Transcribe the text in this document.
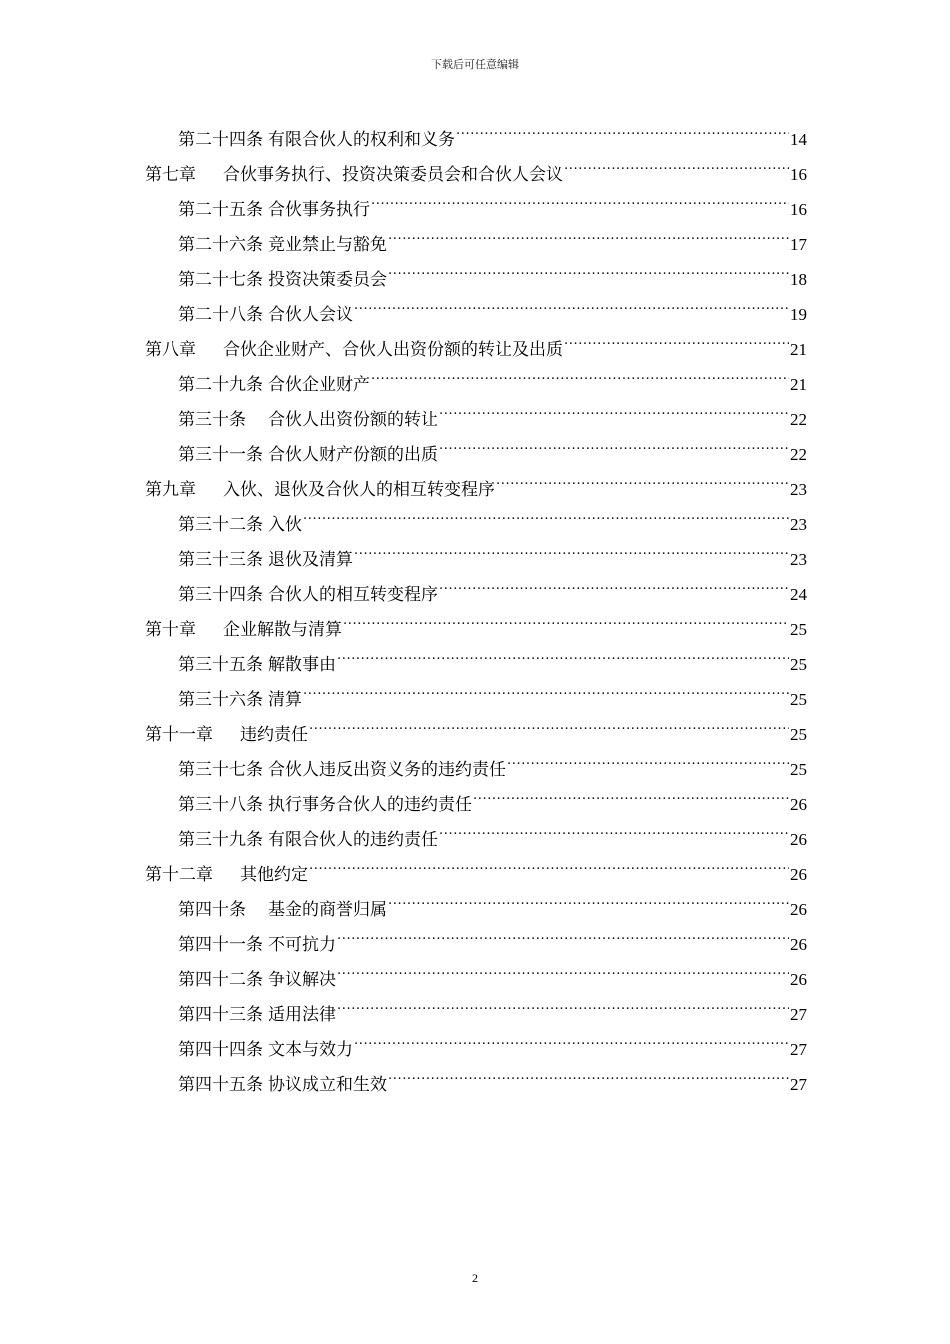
下载后可任意编辑
第二十四条 有限合伙人的权利和义务 .....	14
第七章 合伙事务执行、投资决策委员会和合伙人会议 .....	16
第二十五条 合伙事务执行 .....	16
第二十六条 竞业禁止与豁免 .....	17
第二十七条 投资决策委员会 .....	18
第二十八条 合伙人会议 .....	19
第八章 合伙企业财产、合伙人出资份额的转让及出质 .....	21
第二十九条 合伙企业财产 .....	21
第三十条 合伙人出资份额的转让 .....	22
第三十一条 合伙人财产份额的出质 .....	22
第九章 入伙、退伙及合伙人的相互转变程序 .....	23
第三十二条 入伙 .....	23
第三十三条 退伙及清算 .....	23
第三十四条 合伙人的相互转变程序 .....	24
第十章 企业解散与清算 .....	25
第三十五条 解散事由 .....	25
第三十六条 清算 .....	25
第十一章 违约责任 .....	25
第三十七条 合伙人违反出资义务的违约责任 .....	25
第三十八条 执行事务合伙人的违约责任 .....	26
第三十九条 有限合伙人的违约责任 .....	26
第十二章 其他约定 .....	26
第四十条 基金的商誉归属 .....	26
第四十一条 不可抗力 .....	26
第四十二条 争议解决 .....	26
第四十三条 适用法律 .....	27
第四十四条 文本与效力 .....	27
第四十五条 协议成立和生效 .....	27
2
